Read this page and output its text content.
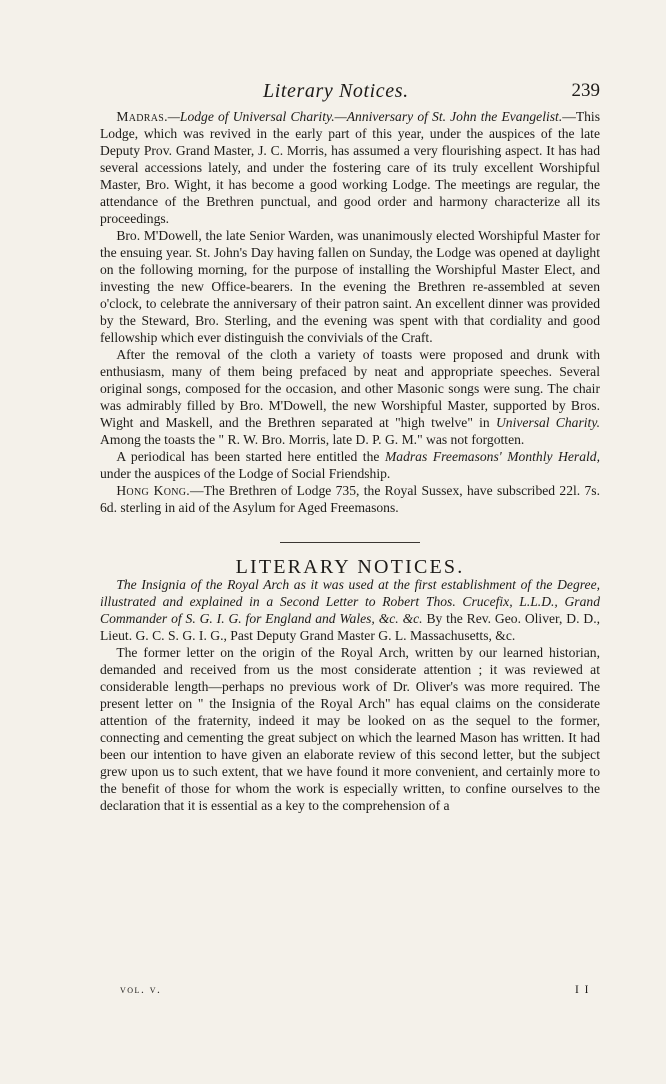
Literary Notices.	239

Madras.—Lodge of Universal Charity.—Anniversary of St. John the Evangelist.—This Lodge, which was revived in the early part of this year, under the auspices of the late Deputy Prov. Grand Master, J. C. Morris, has assumed a very flourishing aspect. It has had several accessions lately, and under the fostering care of its truly excellent Worshipful Master, Bro. Wight, it has become a good working Lodge. The meetings are regular, the attendance of the Brethren punctual, and good order and harmony characterize all its proceedings.

Bro. M'Dowell, the late Senior Warden, was unanimously elected Worshipful Master for the ensuing year. St. John's Day having fallen on Sunday, the Lodge was opened at daylight on the following morning, for the purpose of installing the Worshipful Master Elect, and investing the new Office-bearers. In the evening the Brethren re-assembled at seven o'clock, to celebrate the anniversary of their patron saint. An excellent dinner was provided by the Steward, Bro. Sterling, and the evening was spent with that cordiality and good fellowship which ever distinguish the convivials of the Craft.

After the removal of the cloth a variety of toasts were proposed and drunk with enthusiasm, many of them being prefaced by neat and appropriate speeches. Several original songs, composed for the occasion, and other Masonic songs were sung. The chair was admirably filled by Bro. M'Dowell, the new Worshipful Master, supported by Bros. Wight and Maskell, and the Brethren separated at "high twelve" in Universal Charity. Among the toasts the " R. W. Bro. Morris, late D. P. G. M." was not forgotten.

A periodical has been started here entitled the Madras Freemasons' Monthly Herald, under the auspices of the Lodge of Social Friendship.

Hong Kong.—The Brethren of Lodge 735, the Royal Sussex, have subscribed 22l. 7s. 6d. sterling in aid of the Asylum for Aged Freemasons.

LITERARY NOTICES.

The Insignia of the Royal Arch as it was used at the first establishment of the Degree, illustrated and explained in a Second Letter to Robert Thos. Crucefix, L.L.D., Grand Commander of S. G. I. G. for England and Wales, &c. &c. By the Rev. Geo. Oliver, D. D., Lieut. G. C. S. G. I. G., Past Deputy Grand Master G. L. Massachusetts, &c.

The former letter on the origin of the Royal Arch, written by our learned historian, demanded and received from us the most considerate attention ; it was reviewed at considerable length—perhaps no previous work of Dr. Oliver's was more required. The present letter on " the Insignia of the Royal Arch" has equal claims on the considerate attention of the fraternity, indeed it may be looked on as the sequel to the former, connecting and cementing the great subject on which the learned Mason has written. It had been our intention to have given an elaborate review of this second letter, but the subject grew upon us to such extent, that we have found it more convenient, and certainly more to the benefit of those for whom the work is especially written, to confine ourselves to the declaration that it is essential as a key to the comprehension of a

vol. v.	I I
